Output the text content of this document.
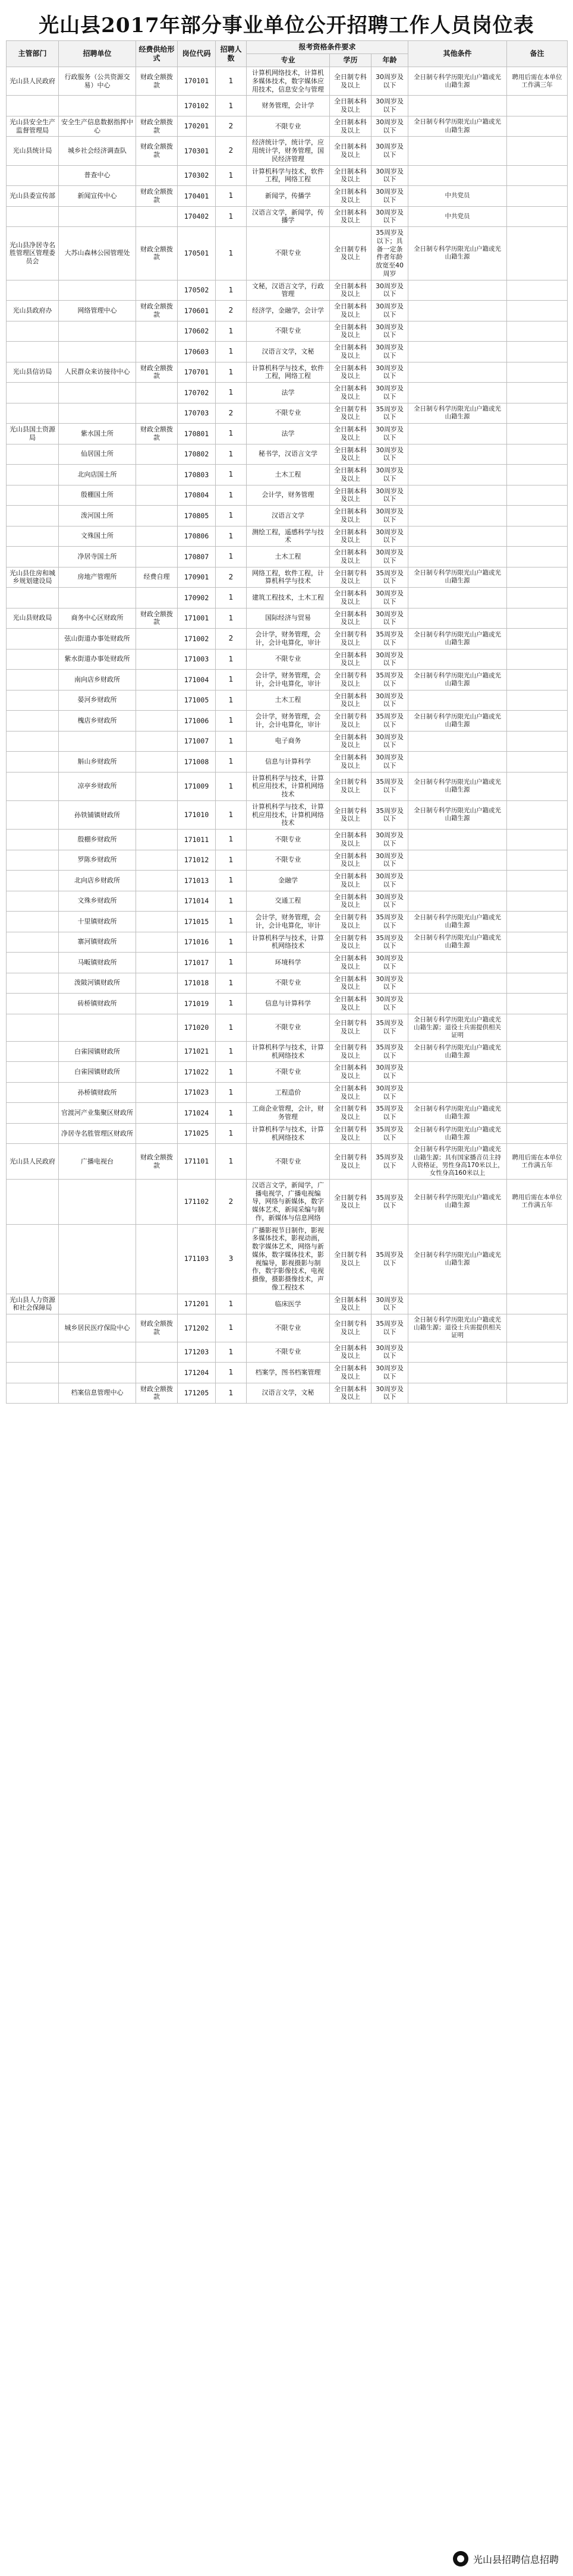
光山县2017年部分事业单位公开招聘工作人员岗位表
主管部门	招聘单位	经费供给形式	岗位代码	招聘人数	报考资格条件要求			其他条件	备注
					专业	学历	年龄		
光山县人民政府	行政服务（公共资源交易）中心	财政全额拨款	170101	1	计算机网络技术，计算机多媒体技术，数字媒体应用技术，信息安全与管理	全日制专科及以上	30周岁及以下	全日制专科学历限光山户籍或光山籍生源	聘用后需在本单位工作满三年
			170102	1	财务管理，会计学	全日制本科及以上	30周岁及以下		
光山县安全生产监督管理局	安全生产信息数据指挥中心	财政全额拨款	170201	2	不限专业	全日制本科及以上	30周岁及以下	全日制专科学历限光山户籍或光山籍生源	
光山县统计局	城乡社会经济调查队	财政全额拨款	170301	2	经济统计学，统计学，应用统计学，财务管理，国民经济管理	全日制本科及以上	30周岁及以下		
	普查中心		170302	1	计算机科学与技术，软件工程，网络工程	全日制本科及以上	30周岁及以下		
光山县委宣传部	新闻宣传中心	财政全额拨款	170401	1	新闻学，传播学	全日制本科及以上	30周岁及以下	中共党员	
			170402	1	汉语言文学，新闻学，传播学	全日制本科及以上	30周岁及以下	中共党员	
光山县净居寺名胜管理区管理委员会	大苏山森林公园管理处	财政全额拨款	170501	1	不限专业	全日制专科及以上	35周岁及以下；具备一定条件者年龄放宽至40周岁	全日制专科学历限光山户籍或光山籍生源	
			170502	1	文秘，汉语言文学，行政管理	全日制本科及以上	30周岁及以下		
光山县政府办	网络管理中心	财政全额拨款	170601	2	经济学，金融学，会计学	全日制本科及以上	30周岁及以下		
			170602	1	不限专业	全日制本科及以上	30周岁及以下		
			170603	1	汉语言文学，文秘	全日制本科及以上	30周岁及以下		
光山县信访局	人民群众来访接待中心	财政全额拨款	170701	1	计算机科学与技术，软件工程，网络工程	全日制本科及以上	30周岁及以下		
			170702	1	法学	全日制本科及以上	30周岁及以下		
			170703	2	不限专业	全日制专科及以上	35周岁及以下	全日制专科学历限光山户籍或光山籍生源	
光山县国土资源局	紫水国土所	财政全额拨款	170801	1	法学	全日制本科及以上	30周岁及以下		
	仙居国土所		170802	1	秘书学，汉语言文学	全日制本科及以上	30周岁及以下		
	北向店国土所		170803	1	土木工程	全日制本科及以上	30周岁及以下		
	殷棚国土所		170804	1	会计学，财务管理	全日制本科及以上	30周岁及以下		
	泼河国土所		170805	1	汉语言文学	全日制本科及以上	30周岁及以下		
	文殊国土所		170806	1	测绘工程，遥感科学与技术	全日制本科及以上	30周岁及以下		
	净居寺国土所		170807	1	土木工程	全日制本科及以上	30周岁及以下		
光山县住房和城乡规划建设局	房地产管理所	经费自理	170901	2	网络工程，软件工程，计算机科学与技术	全日制专科及以上	35周岁及以下	全日制专科学历限光山户籍或光山籍生源	
			170902	1	建筑工程技术，土木工程	全日制本科及以上	30周岁及以下		
光山县财政局	商务中心区财政所	财政全额拨款	171001	1	国际经济与贸易	全日制本科及以上	30周岁及以下		
	弦山街道办事处财政所		171002	2	会计学，财务管理，会计，会计电算化，审计	全日制专科及以上	35周岁及以下	全日制专科学历限光山户籍或光山籍生源	
	紫水街道办事处财政所		171003	1	不限专业	全日制本科及以上	30周岁及以下		
	南向店乡财政所		171004	1	会计学，财务管理，会计，会计电算化，审计	全日制专科及以上	35周岁及以下	全日制专科学历限光山户籍或光山籍生源	
	晏河乡财政所		171005	1	土木工程	全日制本科及以上	30周岁及以下		
	槐店乡财政所		171006	1	会计学，财务管理，会计，会计电算化，审计	全日制专科及以上	35周岁及以下	全日制专科学历限光山户籍或光山籍生源	
			171007	1	电子商务	全日制本科及以上	30周岁及以下		
	斛山乡财政所		171008	1	信息与计算科学	全日制本科及以上	30周岁及以下		
	凉亭乡财政所		171009	1	计算机科学与技术，计算机应用技术，计算机网络技术	全日制专科及以上	35周岁及以下	全日制专科学历限光山户籍或光山籍生源	
	孙铁铺镇财政所		171010	1	计算机科学与技术，计算机应用技术，计算机网络技术	全日制专科及以上	35周岁及以下	全日制专科学历限光山户籍或光山籍生源	
	殷棚乡财政所		171011	1	不限专业	全日制本科及以上	30周岁及以下		
	罗陈乡财政所		171012	1	不限专业	全日制本科及以上	30周岁及以下		
	北向店乡财政所		171013	1	金融学	全日制本科及以上	30周岁及以下		
	文殊乡财政所		171014	1	交通工程	全日制本科及以上	30周岁及以下		
	十里镇财政所		171015	1	会计学，财务管理，会计，会计电算化，审计	全日制专科及以上	35周岁及以下	全日制专科学历限光山户籍或光山籍生源	
	寨河镇财政所		171016	1	计算机科学与技术，计算机网络技术	全日制专科及以上	35周岁及以下	全日制专科学历限光山户籍或光山籍生源	
	马畈镇财政所		171017	1	环境科学	全日制本科及以上	30周岁及以下		
	泼陂河镇财政所		171018	1	不限专业	全日制本科及以上	30周岁及以下		
	砖桥镇财政所		171019	1	信息与计算科学	全日制本科及以上	30周岁及以下		
			171020	1	不限专业	全日制专科及以上	35周岁及以下	全日制专科学历限光山户籍或光山籍生源；退役士兵需提供相关证明	
	白雀园镇财政所		171021	1	计算机科学与技术，计算机网络技术	全日制专科及以上	35周岁及以下	全日制专科学历限光山户籍或光山籍生源	
	白雀园镇财政所		171022	1	不限专业	全日制本科及以上	30周岁及以下		
	孙桥镇财政所		171023	1	工程造价	全日制本科及以上	30周岁及以下		
	官渡河产业集聚区财政所		171024	1	工商企业管理，会计，财务管理	全日制专科及以上	35周岁及以下	全日制专科学历限光山户籍或光山籍生源	
	净居寺名胜管理区财政所		171025	1	计算机科学与技术，计算机网络技术	全日制专科及以上	35周岁及以下	全日制专科学历限光山户籍或光山籍生源	
光山县人民政府	广播电视台	财政全额拨款	171101	1	不限专业	全日制专科及以上	35周岁及以下	全日制专科学历限光山户籍或光山籍生源；具有国家播音员主持人资格证，男性身高170米以上，女性身高160米以上	聘用后需在本单位工作满五年
			171102	2	汉语言文学，新闻学，广播电视学，广播电视编导，网络与新媒体，数字媒体艺术，新闻采编与制作，新媒体与信息网络	全日制专科及以上	35周岁及以下	全日制专科学历限光山户籍或光山籍生源	聘用后需在本单位工作满五年
			171103	3	广播影视节目制作，影视多媒体技术，影视动画，数字媒体艺术，网络与新媒体，数字媒体技术，影视编导，影视摄影与制作，数字影像技术，电视摄像，摄影摄像技术，声像工程技术	全日制专科及以上	35周岁及以下	全日制专科学历限光山户籍或光山籍生源	
光山县人力资源和社会保障局			171201	1	临床医学	全日制本科及以上	30周岁及以下		
	城乡居民医疗保险中心	财政全额拨款	171202	1	不限专业	全日制专科及以上	35周岁及以下	全日制专科学历限光山户籍或光山籍生源；退役士兵需提供相关证明	
			171203	1	不限专业	全日制本科及以上	30周岁及以下		
			171204	1	档案学，图书档案管理	全日制本科及以上	30周岁及以下		
	档案信息管理中心	财政全额拨款	171205	1	汉语言文学，文秘	全日制本科及以上	30周岁及以下		
光山县招聘信息招聘
